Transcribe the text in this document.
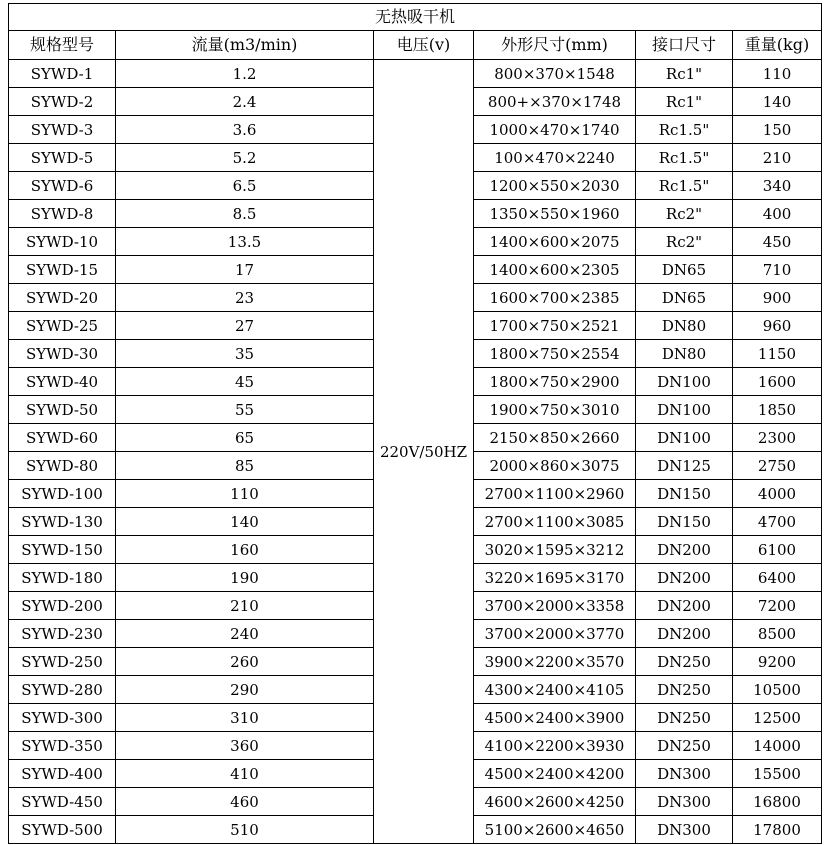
无热吸干机					
规格型号	流量(m3/min)	电压(v)	外形尺寸(mm)	接口尺寸	重量(kg)
SYWD-1	1.2	220V/50HZ	800×370×1548	Rc1"	110
SYWD-2	2.4		800+×370×1748	Rc1"	140
SYWD-3	3.6		1000×470×1740	Rc1.5"	150
SYWD-5	5.2		100×470×2240	Rc1.5"	210
SYWD-6	6.5		1200×550×2030	Rc1.5"	340
SYWD-8	8.5		1350×550×1960	Rc2"	400
SYWD-10	13.5		1400×600×2075	Rc2"	450
SYWD-15	17		1400×600×2305	DN65	710
SYWD-20	23		1600×700×2385	DN65	900
SYWD-25	27		1700×750×2521	DN80	960
SYWD-30	35		1800×750×2554	DN80	1150
SYWD-40	45		1800×750×2900	DN100	1600
SYWD-50	55		1900×750×3010	DN100	1850
SYWD-60	65		2150×850×2660	DN100	2300
SYWD-80	85		2000×860×3075	DN125	2750
SYWD-100	110		2700×1100×2960	DN150	4000
SYWD-130	140		2700×1100×3085	DN150	4700
SYWD-150	160		3020×1595×3212	DN200	6100
SYWD-180	190		3220×1695×3170	DN200	6400
SYWD-200	210		3700×2000×3358	DN200	7200
SYWD-230	240		3700×2000×3770	DN200	8500
SYWD-250	260		3900×2200×3570	DN250	9200
SYWD-280	290		4300×2400×4105	DN250	10500
SYWD-300	310		4500×2400×3900	DN250	12500
SYWD-350	360		4100×2200×3930	DN250	14000
SYWD-400	410		4500×2400×4200	DN300	15500
SYWD-450	460		4600×2600×4250	DN300	16800
SYWD-500	510		5100×2600×4650	DN300	17800
